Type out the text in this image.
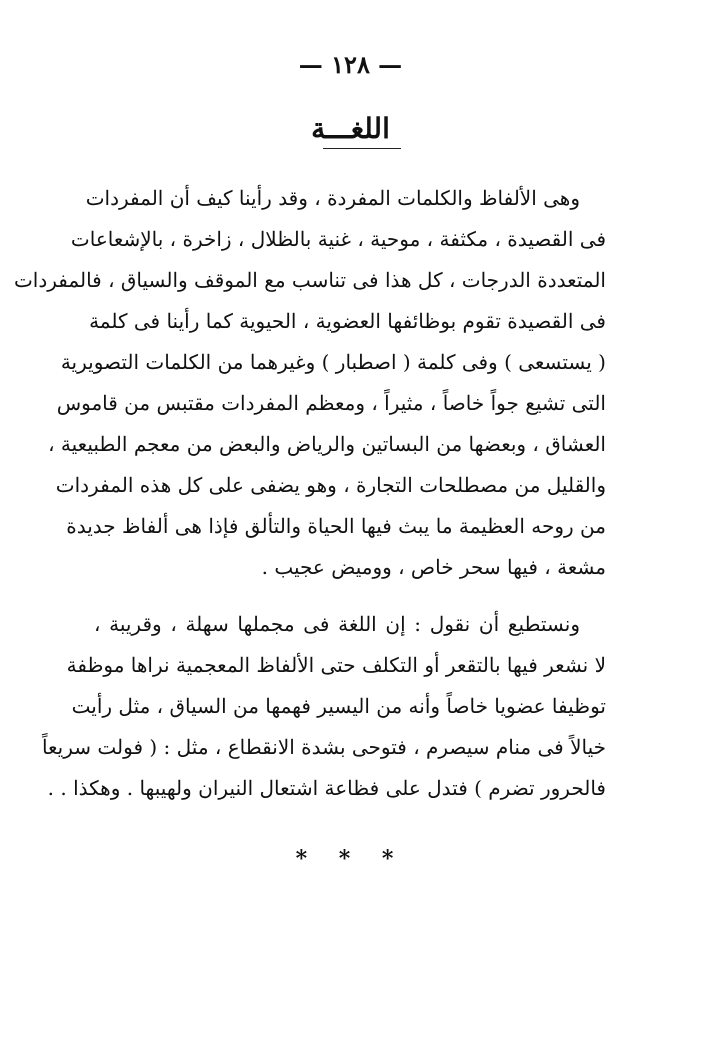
— ١٢٨ —
اللغـــة
وهى الألفاظ والكلمات المفردة ، وقد رأينا كيف أن المفردات
فى القصيدة ، مكثفة ، موحية ، غنية بالظلال ، زاخرة ، بالإشعاعات
المتعددة الدرجات ، كل هذا فى تناسب مع الموقف والسياق ، فالمفردات
فى القصيدة تقوم بوظائفها العضوية ، الحيوية كما رأينا فى كلمة
( يستسعى ) وفى كلمة ( اصطبار ) وغيرهما من الكلمات التصويرية
التى تشيع جواً خاصاً ، مثيراً ، ومعظم المفردات مقتبس من قاموس
العشاق ، وبعضها من البساتين والرياض والبعض من معجم الطبيعية ،
والقليل من مصطلحات التجارة ، وهو يضفى على كل هذه المفردات
من روحه العظيمة ما يبث فيها الحياة والتألق فإذا هى ألفاظ جديدة
مشعة ، فيها سحر خاص ، ووميض عجيب .
ونستطيع أن نقول : إن اللغة فى مجملها سهلة ، وقريبة ،
لا نشعر فيها بالتقعر أو التكلف حتى الألفاظ المعجمية نراها موظفة
توظيفا عضويا خاصاً وأنه من اليسير فهمها من السياق ، مثل رأيت
خيالاً فى منام سيصرم ، فتوحى بشدة الانقطاع ، مثل : ( فولت سريعاً
فالحرور تضرم ) فتدل على فظاعة اشتعال النيران ولهيبها . وهكذا . .
* * *
